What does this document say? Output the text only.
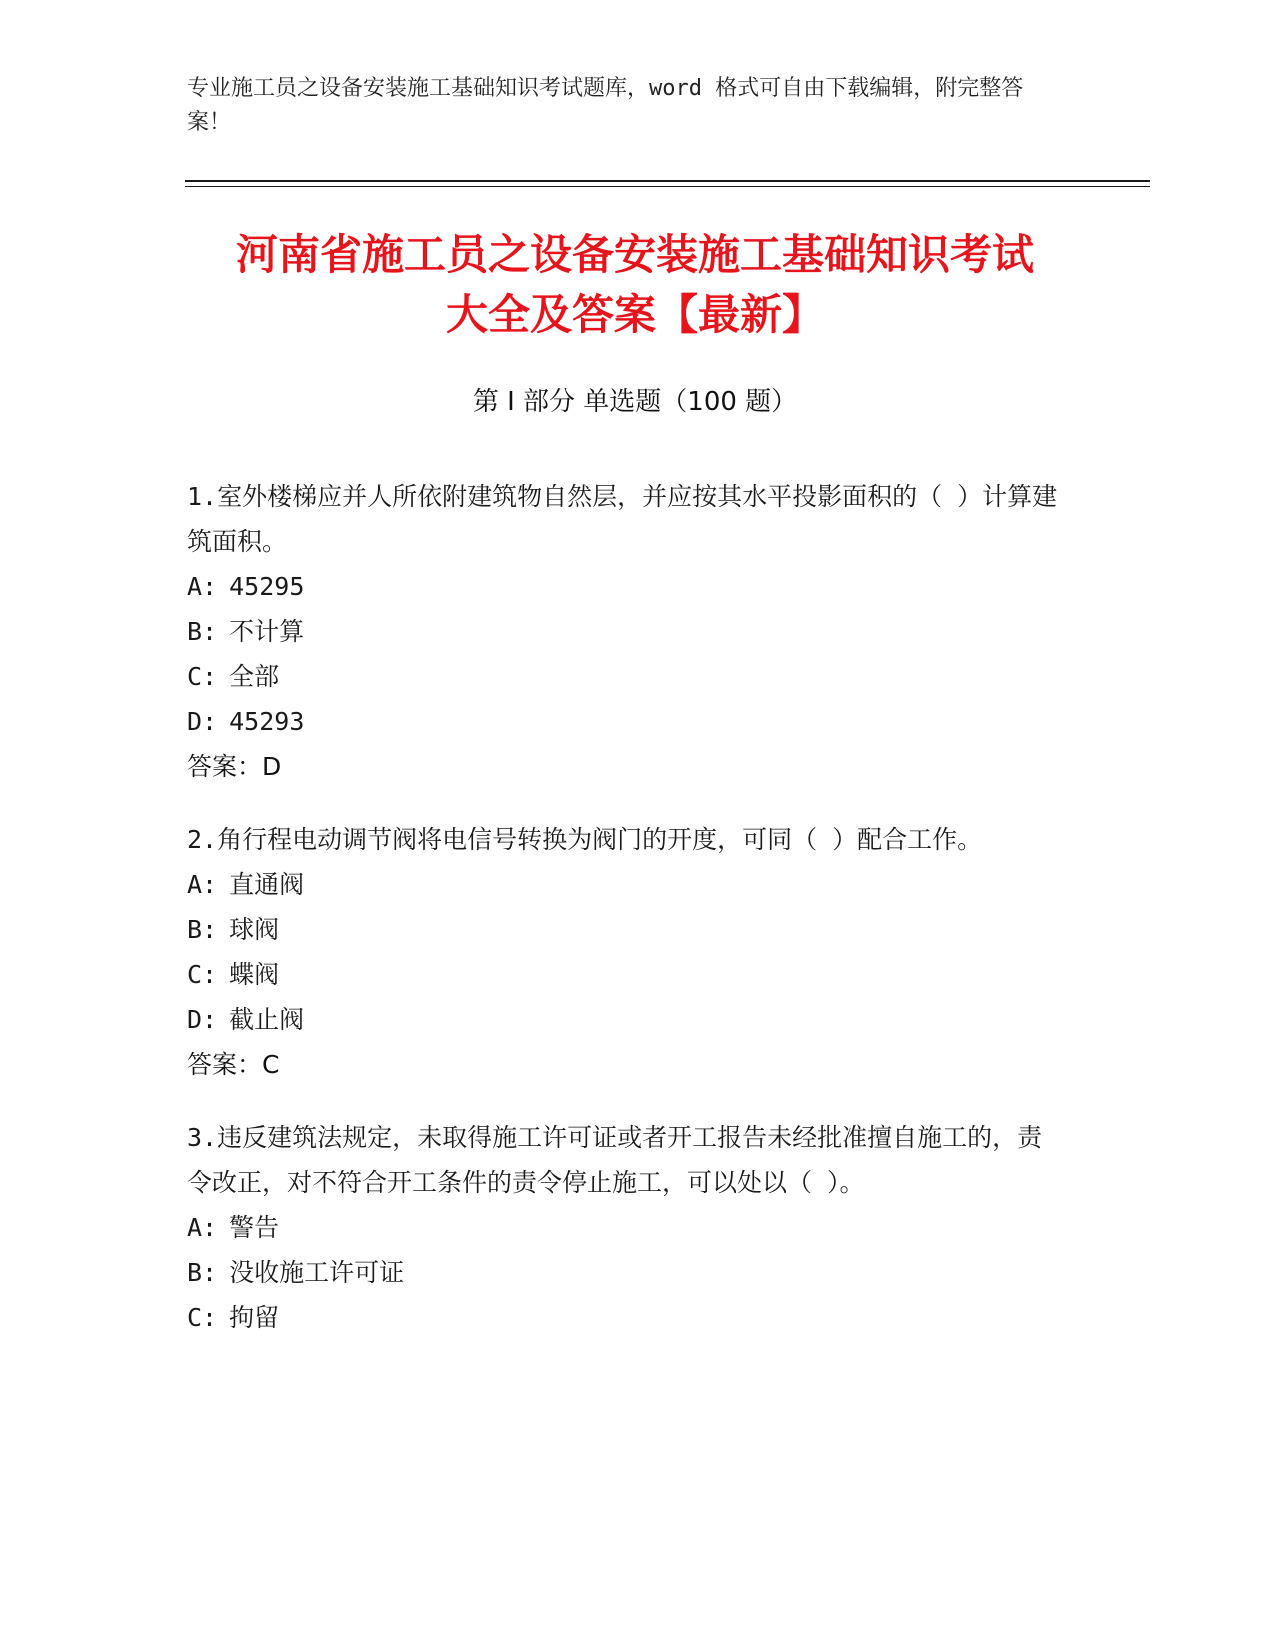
专业施工员之设备安装施工基础知识考试题库，word 格式可自由下载编辑，附完整答案！
河南省施工员之设备安装施工基础知识考试
大全及答案【最新】
第 I 部分 单选题（100 题）
1.室外楼梯应并人所依附建筑物自然层，并应按其水平投影面积的（ ）计算建筑面积。
A: 45295
B: 不计算
C: 全部
D: 45293
答案：D
2.角行程电动调节阀将电信号转换为阀门的开度，可同（ ）配合工作。
A: 直通阀
B: 球阀
C: 蝶阀
D: 截止阀
答案：C
3.违反建筑法规定，未取得施工许可证或者开工报告未经批准擅自施工的，责令改正，对不符合开工条件的责令停止施工，可以处以（ ）。
A: 警告
B: 没收施工许可证
C: 拘留
